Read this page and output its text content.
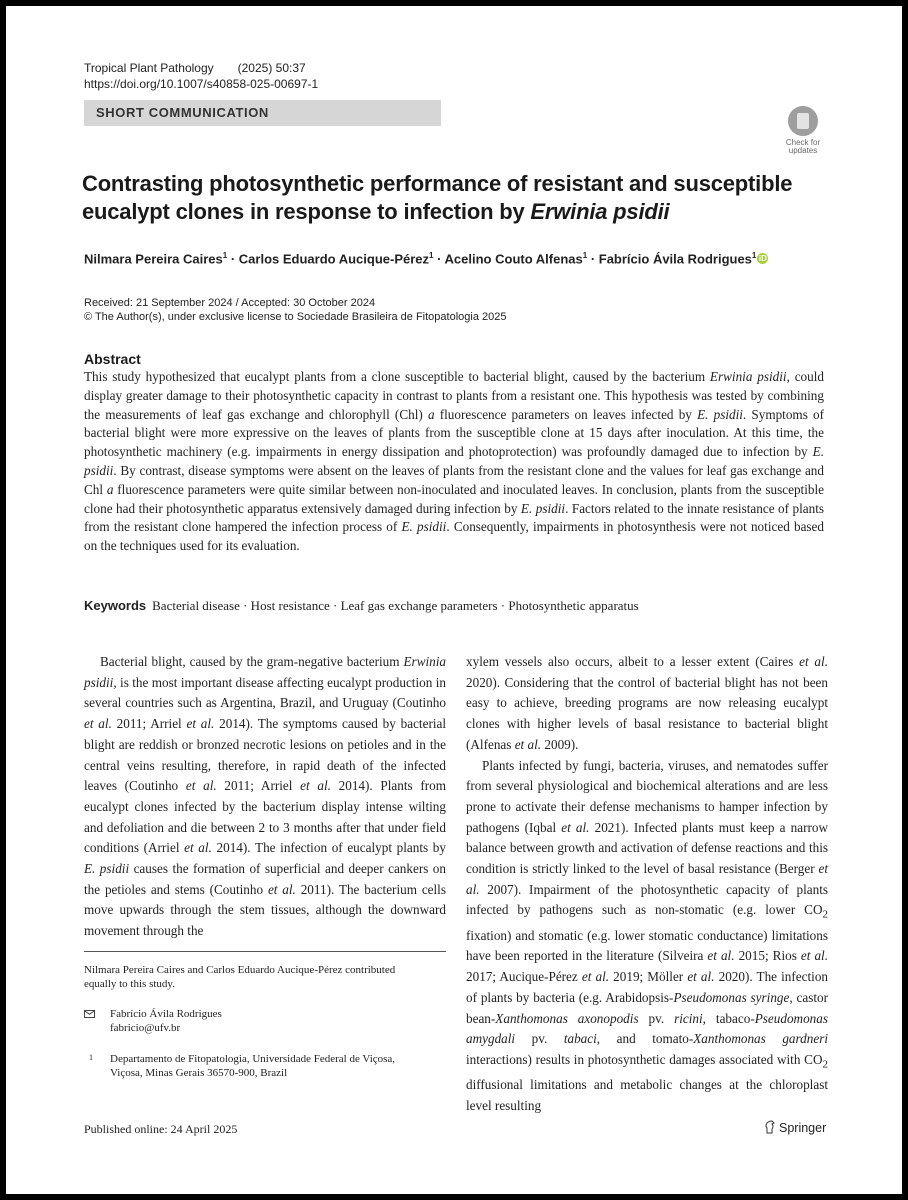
Tropical Plant Pathology (2025) 50:37
https://doi.org/10.1007/s40858-025-00697-1
SHORT COMMUNICATION
Check for
updates
Contrasting photosynthetic performance of resistant and susceptible
eucalypt clones in response to infection by Erwinia psidii
Nilmara Pereira Caires$^1$ · Carlos Eduardo Aucique-Pérez$^1$ · Acelino Couto Alfenas$^1$ · Fabrício Ávila Rodrigues$^1$ iD
Received: 21 September 2024 / Accepted: 30 October 2024
© The Author(s), under exclusive license to Sociedade Brasileira de Fitopatologia 2025
Abstract
This study hypothesized that eucalypt plants from a clone susceptible to bacterial blight, caused by the bacterium Erwinia psidii, could display greater damage to their photosynthetic capacity in contrast to plants from a resistant one. This hypothesis was tested by combining the measurements of leaf gas exchange and chlorophyll (Chl) a fluorescence parameters on leaves infected by E. psidii. Symptoms of bacterial blight were more expressive on the leaves of plants from the susceptible clone at 15 days after inoculation. At this time, the photosynthetic machinery (e.g. impairments in energy dissipation and photoprotection) was profoundly damaged due to infection by E. psidii. By contrast, disease symptoms were absent on the leaves of plants from the resistant clone and the values for leaf gas exchange and Chl a fluorescence parameters were quite similar between non-inoculated and inoculated leaves. In conclusion, plants from the susceptible clone had their photosynthetic apparatus extensively damaged during infection by E. psidii. Factors related to the innate resistance of plants from the resistant clone hampered the infection process of E. psidii. Consequently, impairments in photosynthesis were not noticed based on the techniques used for its evaluation.
Keywords Bacterial disease · Host resistance · Leaf gas exchange parameters · Photosynthetic apparatus

Bacterial blight, caused by the gram-negative bacterium Erwinia psidii, is the most important disease affecting eucalypt production in several countries such as Argentina, Brazil, and Uruguay (Coutinho et al. 2011; Arriel et al. 2014). The symptoms caused by bacterial blight are reddish or bronzed necrotic lesions on petioles and in the central veins resulting, therefore, in rapid death of the infected leaves (Coutinho et al. 2011; Arriel et al. 2014). Plants from eucalypt clones infected by the bacterium display intense wilting and defoliation and die between 2 to 3 months after that under field conditions (Arriel et al. 2014). The infection of eucalypt plants by E. psidii causes the formation of superficial and deeper cankers on the petioles and stems (Coutinho et al. 2011). The bacterium cells move upwards through the stem tissues, although the downward movement through the

xylem vessels also occurs, albeit to a lesser extent (Caires et al. 2020). Considering that the control of bacterial blight has not been easy to achieve, breeding programs are now releasing eucalypt clones with higher levels of basal resistance to bacterial blight (Alfenas et al. 2009).

Plants infected by fungi, bacteria, viruses, and nematodes suffer from several physiological and biochemical alterations and are less prone to activate their defense mechanisms to hamper infection by pathogens (Iqbal et al. 2021). Infected plants must keep a narrow balance between growth and activation of defense reactions and this condition is strictly linked to the level of basal resistance (Berger et al. 2007). Impairment of the photosynthetic capacity of plants infected by pathogens such as non-stomatic (e.g. lower $CO_2$ fixation) and stomatic (e.g. lower stomatic conductance) limitations have been reported in the literature (Silveira et al. 2015; Rios et al. 2017; Aucique-Pérez et al. 2019; Möller et al. 2020). The infection of plants by bacteria (e.g. Arabidopsis-Pseudomonas syringe, castor bean-Xanthomonas axonopodis pv. ricini, tabaco-Pseudomonas amygdali pv. tabaci, and tomato-Xanthomonas gardneri interactions) results in photosynthetic damages associated with $CO_2$ diffusional limitations and metabolic changes at the chloroplast level resulting

Nilmara Pereira Caires and Carlos Eduardo Aucique-Pérez contributed equally to this study.
Fabrício Ávila Rodrigues
fabricio@ufv.br
1 Departamento de Fitopatologia, Universidade Federal de Viçosa, Viçosa, Minas Gerais 36570-900, Brazil
Published online: 24 April 2025	Springer
